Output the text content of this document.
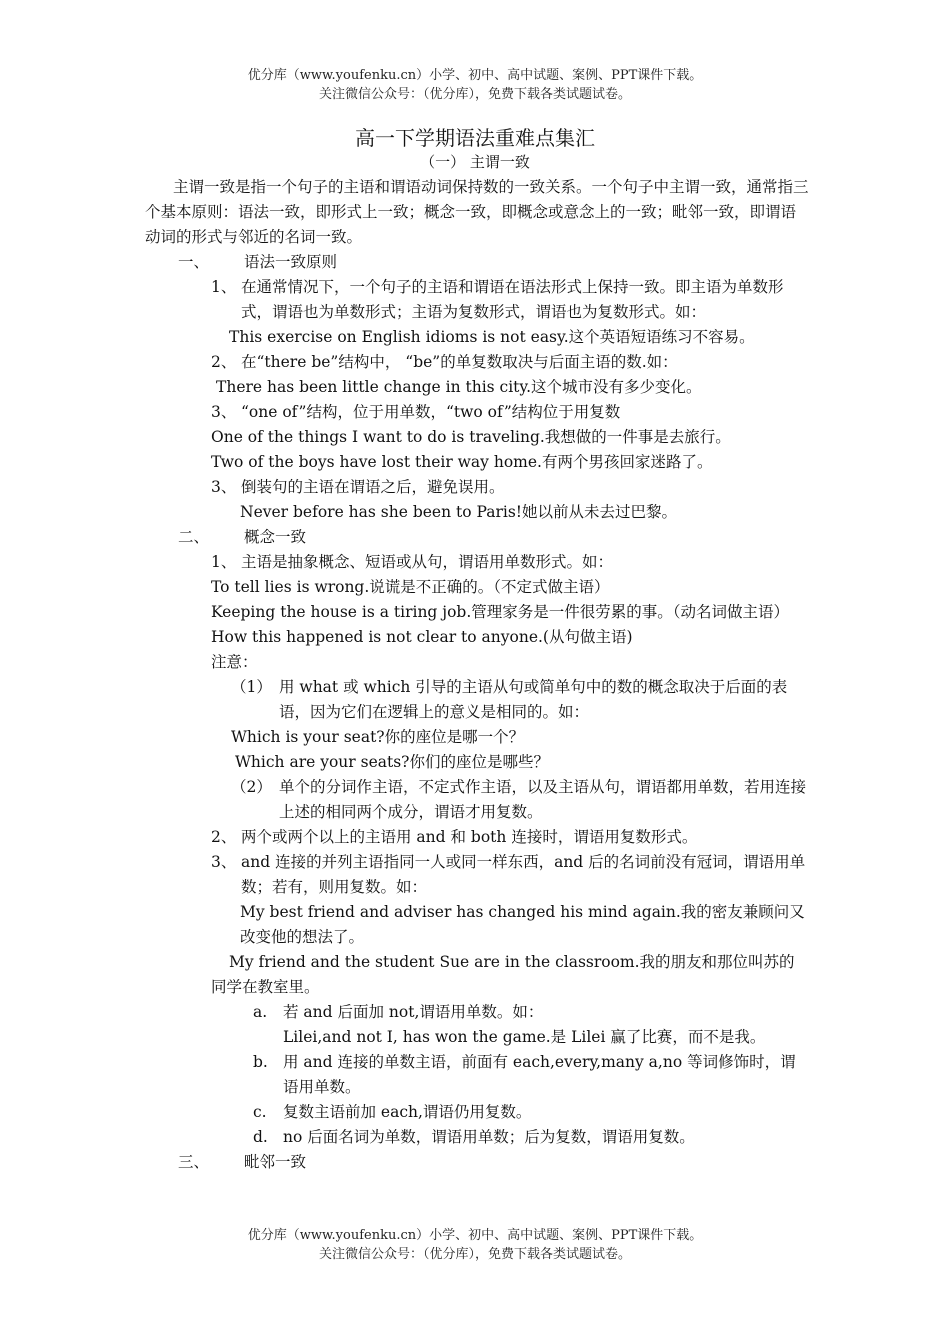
优分库（www.youfenku.cn）小学、初中、高中试题、案例、PPT课件下载。
关注微信公众号：（优分库），免费下载各类试题试卷。
高一下学期语法重难点集汇
（一） 主谓一致

主谓一致是指一个句子的主语和谓语动词保持数的一致关系。一个句子中主谓一致，通常指三个基本原则：语法一致，即形式上一致；概念一致，即概念或意念上的一致；毗邻一致，即谓语动词的形式与邻近的名词一致。

一、 语法一致原则

1、 在通常情况下，一个句子的主语和谓语在语法形式上保持一致。即主语为单数形式，谓语也为单数形式；主语为复数形式，谓语也为复数形式。如：

This exercise on English idioms is not easy.这个英语短语练习不容易。

2、 在“there be”结构中， “be”的单复数取决与后面主语的数.如：

There has been little change in this city.这个城市没有多少变化。

3、 “one of”结构，位于用单数，“two of”结构位于用复数

One of the things I want to do is traveling.我想做的一件事是去旅行。

Two of the boys have lost their way home.有两个男孩回家迷路了。

3、 倒装句的主语在谓语之后，避免误用。

Never before has she been to Paris!她以前从未去过巴黎。

二、 概念一致

1、 主语是抽象概念、短语或从句，谓语用单数形式。如：

To tell lies is wrong.说谎是不正确的。（不定式做主语）

Keeping the house is a tiring job.管理家务是一件很劳累的事。（动名词做主语）

How this happened is not clear to anyone.(从句做主语)

注意：

（1） 用 what 或 which 引导的主语从句或简单句中的数的概念取决于后面的表语，因为它们在逻辑上的意义是相同的。如：

Which is your seat?你的座位是哪一个？

Which are your seats?你们的座位是哪些？

（2） 单个的分词作主语，不定式作主语，以及主语从句，谓语都用单数，若用连接上述的相同两个成分，谓语才用复数。

2、 两个或两个以上的主语用 and 和 both 连接时，谓语用复数形式。

3、 and 连接的并列主语指同一人或同一样东西，and 后的名词前没有冠词，谓语用单数；若有，则用复数。如：

My best friend and adviser has changed his mind again.我的密友兼顾问又改变他的想法了。

My friend and the student Sue are in the classroom.我的朋友和那位叫苏的同学在教室里。

a. 若 and 后面加 not,谓语用单数。如：

Lilei,and not I, has won the game.是 Lilei 赢了比赛，而不是我。

b. 用 and 连接的单数主语，前面有 each,every,many a,no 等词修饰时，谓语用单数。

c. 复数主语前加 each,谓语仍用复数。

d. no 后面名词为单数，谓语用单数；后为复数，谓语用复数。

三、 毗邻一致

优分库（www.youfenku.cn）小学、初中、高中试题、案例、PPT课件下载。
关注微信公众号：（优分库），免费下载各类试题试卷。
